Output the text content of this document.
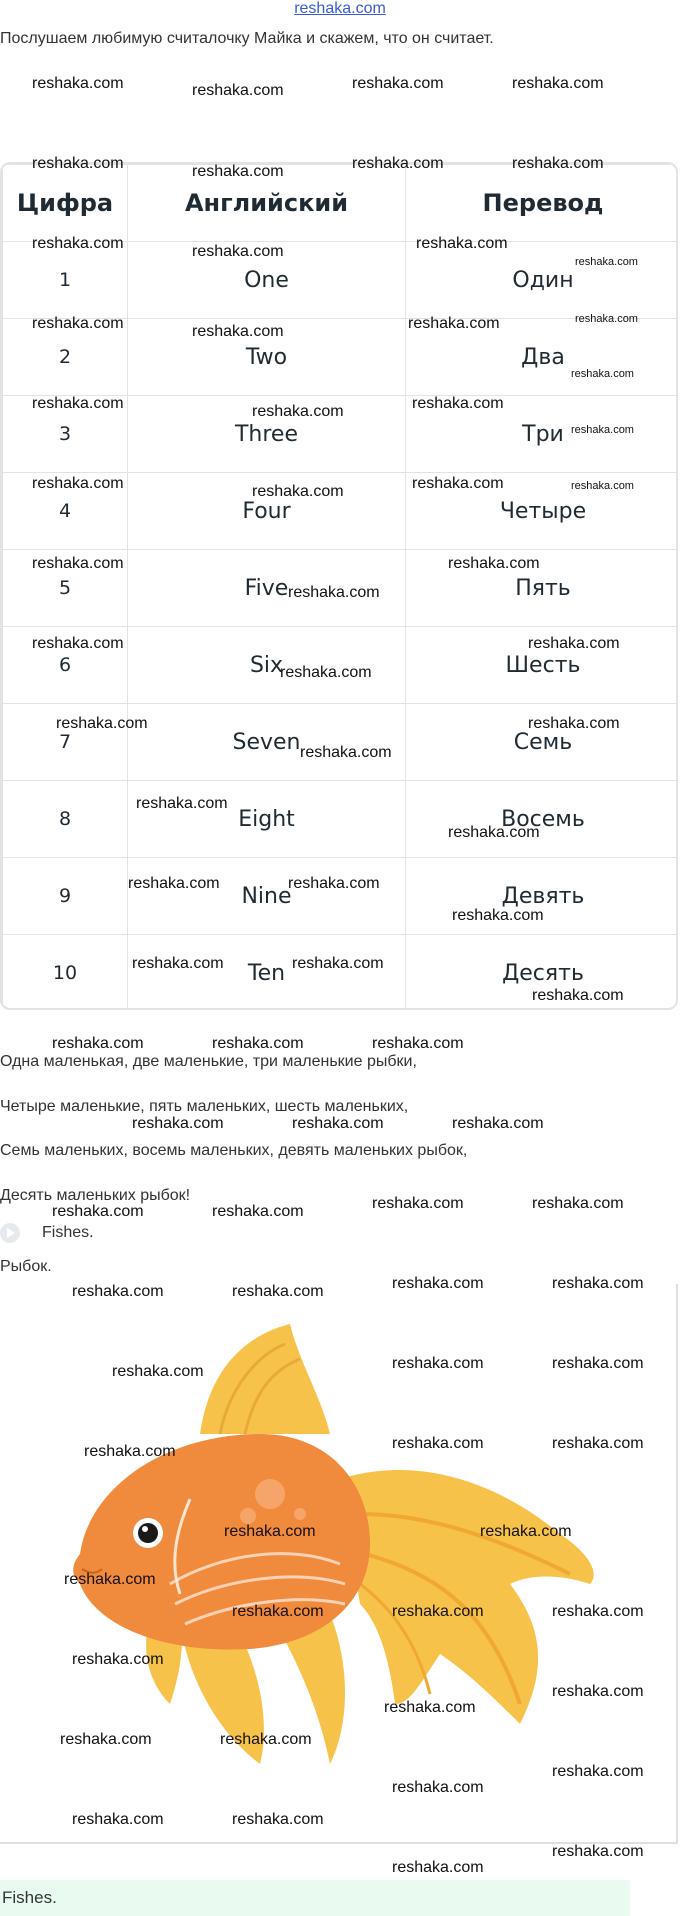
reshaka.com
Послушаем любимую считалочку Майка и скажем, что он считает.
Цифра	Английский	Перевод
1	One	Один
2	Two	Два
3	Three	Три
4	Four	Четыре
5	Five	Пять
6	Six	Шесть
7	Seven	Семь
8	Eight	Восемь
9	Nine	Девять
10	Ten	Десять
Одна маленькая, две маленькие, три маленькие рыбки,
Четыре маленькие, пять маленьких, шесть маленьких,
Семь маленьких, восемь маленьких, девять маленьких рыбок,
Десять маленьких рыбок!
Fishes.
Рыбок.
Fishes.
reshaka.com	reshaka.com	reshaka.com	reshaka.com
reshaka.com	reshaka.com	reshaka.com	reshaka.com
reshaka.com	reshaka.com	reshaka.com
reshaka.com
reshaka.com	reshaka.com	reshaka.com	reshaka.com
reshaka.com
reshaka.com	reshaka.com	reshaka.com
reshaka.com
reshaka.com	reshaka.com	reshaka.com	reshaka.com
reshaka.com
reshaka.com
reshaka.com
reshaka.com
reshaka.com
reshaka.com
reshaka.com
reshaka.com
reshaka.com
reshaka.com
reshaka.com
reshaka.com	reshaka.com
reshaka.com
reshaka.com	reshaka.com
reshaka.com
reshaka.com	reshaka.com	reshaka.com
reshaka.com	reshaka.com	reshaka.com
reshaka.com	reshaka.com	reshaka.com	reshaka.com
reshaka.com	reshaka.com	reshaka.com	reshaka.com
reshaka.com	reshaka.com	reshaka.com
reshaka.com	reshaka.com	reshaka.com
reshaka.com	reshaka.com
reshaka.com
reshaka.com	reshaka.com	reshaka.com
reshaka.com
reshaka.com
reshaka.com
reshaka.com	reshaka.com
reshaka.com
reshaka.com
reshaka.com	reshaka.com
reshaka.com
reshaka.com
